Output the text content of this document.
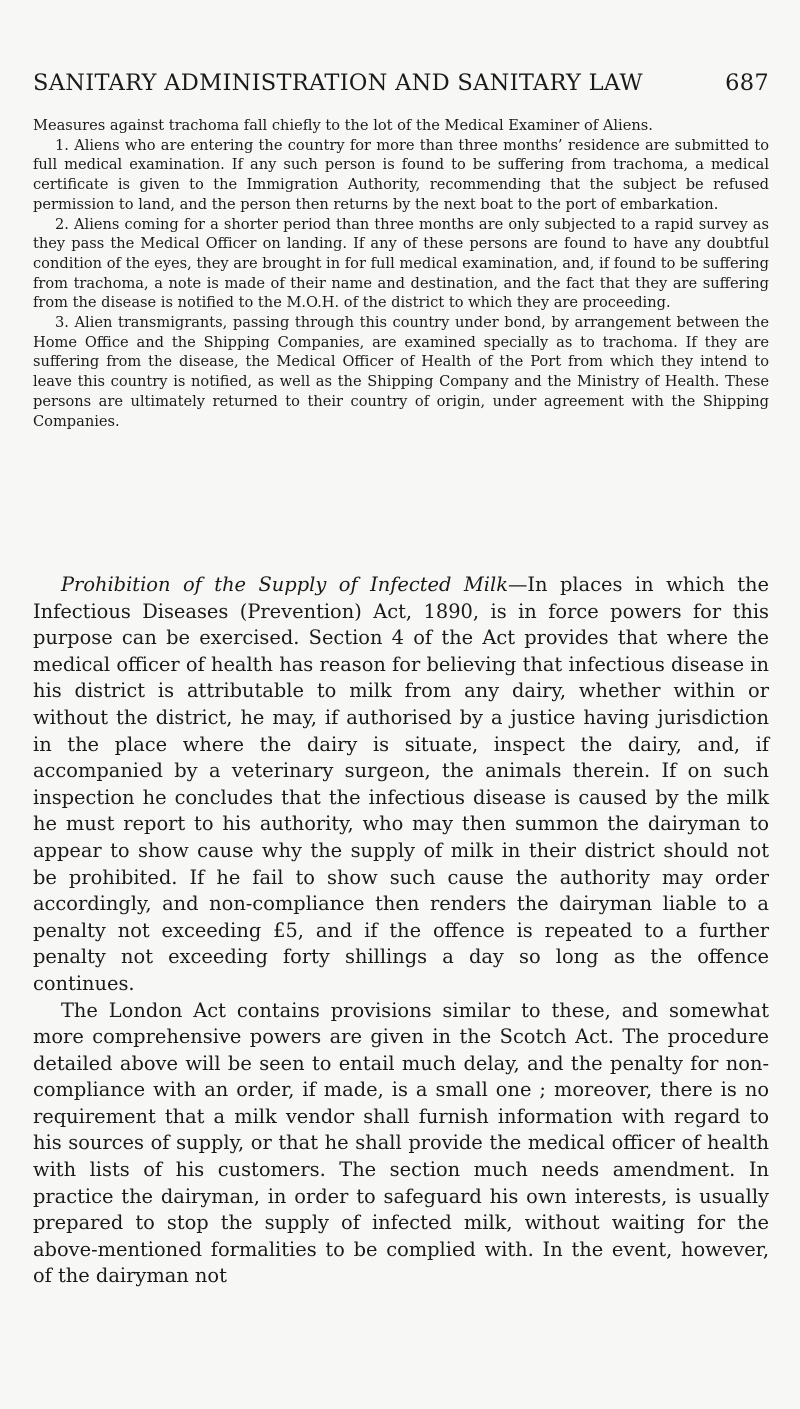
SANITARY ADMINISTRATION AND SANITARY LAW	687

Measures against trachoma fall chiefly to the lot of the Medical Examiner of Aliens.

1. Aliens who are entering the country for more than three months’ residence are submitted to full medical examination. If any such person is found to be suffering from trachoma, a medical certificate is given to the Immigration Authority, recommending that the subject be refused permission to land, and the person then returns by the next boat to the port of embarkation.

2. Aliens coming for a shorter period than three months are only subjected to a rapid survey as they pass the Medical Officer on landing. If any of these persons are found to have any doubtful condition of the eyes, they are brought in for full medical examination, and, if found to be suffering from trachoma, a note is made of their name and destination, and the fact that they are suffering from the disease is notified to the M.O.H. of the district to which they are proceeding.

3. Alien transmigrants, passing through this country under bond, by arrangement between the Home Office and the Shipping Companies, are examined specially as to trachoma. If they are suffering from the disease, the Medical Officer of Health of the Port from which they intend to leave this country is notified, as well as the Shipping Company and the Ministry of Health. These persons are ultimately returned to their country of origin, under agreement with the Shipping Companies.

Prohibition of the Supply of Infected Milk—In places in which the Infectious Diseases (Prevention) Act, 1890, is in force powers for this purpose can be exercised. Section 4 of the Act provides that where the medical officer of health has reason for believing that infectious disease in his district is attributable to milk from any dairy, whether within or without the district, he may, if authorised by a justice having jurisdiction in the place where the dairy is situate, inspect the dairy, and, if accompanied by a veterinary surgeon, the animals therein. If on such inspection he concludes that the infectious disease is caused by the milk he must report to his authority, who may then summon the dairyman to appear to show cause why the supply of milk in their district should not be prohibited. If he fail to show such cause the authority may order accordingly, and non-compliance then renders the dairyman liable to a penalty not exceeding £5, and if the offence is repeated to a further penalty not exceeding forty shillings a day so long as the offence continues.

The London Act contains provisions similar to these, and somewhat more comprehensive powers are given in the Scotch Act. The procedure detailed above will be seen to entail much delay, and the penalty for non-compliance with an order, if made, is a small one ; moreover, there is no requirement that a milk vendor shall furnish information with regard to his sources of supply, or that he shall provide the medical officer of health with lists of his customers. The section much needs amendment. In practice the dairyman, in order to safeguard his own interests, is usually prepared to stop the supply of infected milk, without waiting for the above-mentioned formalities to be complied with. In the event, however, of the dairyman not
